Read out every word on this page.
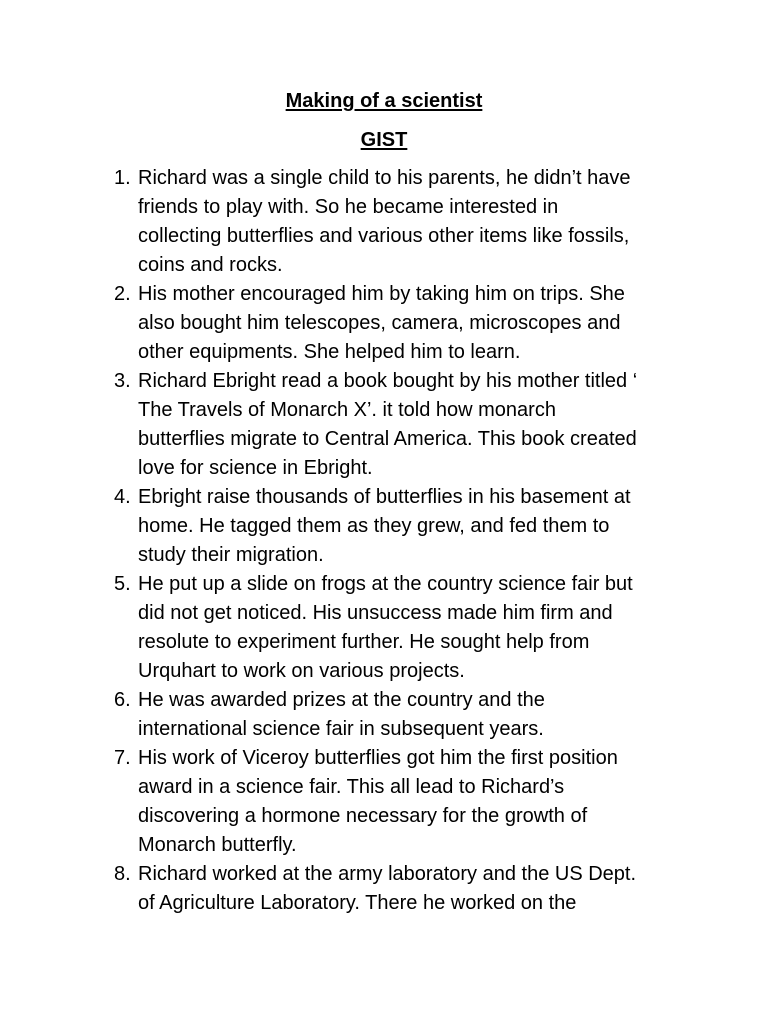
Making of a scientist
GIST
1. Richard was a single child to his parents, he didn’t have
friends to play with. So he became interested in
collecting butterflies and various other items like fossils,
coins and rocks.
2. His mother encouraged him by taking him on trips. She
also bought him telescopes, camera, microscopes and
other equipments. She helped him to learn.
3. Richard Ebright read a book bought by his mother titled ‘
The Travels of Monarch X’. it told how monarch
butterflies migrate to Central America. This book created
love for science in Ebright.
4. Ebright raise thousands of butterflies in his basement at
home. He tagged them as they grew, and fed them to
study their migration.
5. He put up a slide on frogs at the country science fair but
did not get noticed. His unsuccess made him firm and
resolute to experiment further. He sought help from
Urquhart to work on various projects.
6. He was awarded prizes at the country and the
international science fair in subsequent years.
7. His work of Viceroy butterflies got him the first position
award in a science fair. This all lead to Richard’s
discovering a hormone necessary for the growth of
Monarch butterfly.
8. Richard worked at the army laboratory and the US Dept.
of Agriculture Laboratory. There he worked on the
